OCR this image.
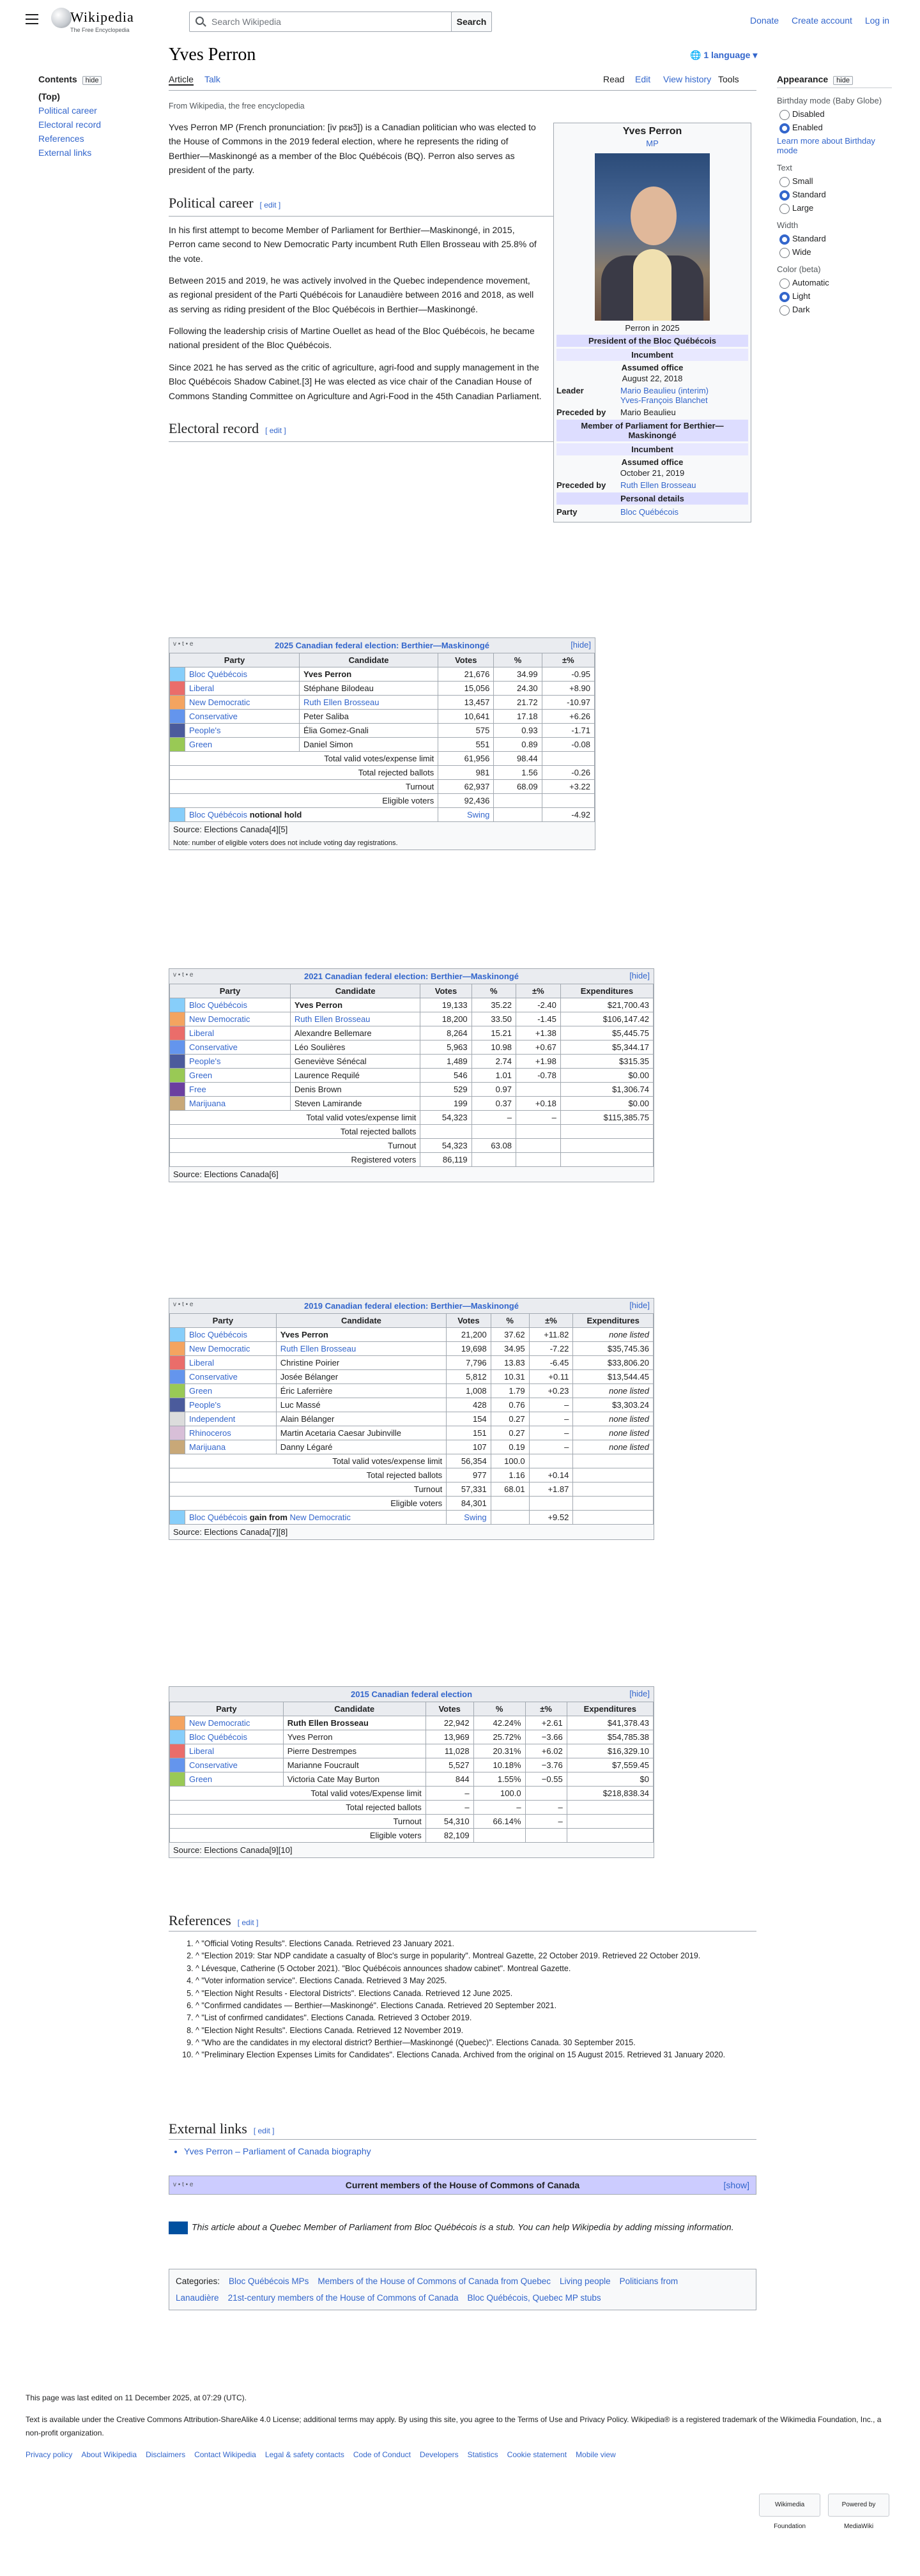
Wikipedia
The Free Encyclopedia
Search Wikipedia	Search	Donate Create account Log in
Contents hide
(Top)
Political career
Electoral record
References
External links
Yves Perron	🌐 1 language ▾
Article Talk	Read Edit View history Tools	Appearance hide
Birthday mode (Baby Globe)
Disabled
Enabled
Learn more about Birthday mode
Text
Small
Standard
Large
Width
Standard
Wide
Color (beta)
Automatic
Light
Dark

From Wikipedia, the free encyclopedia

Yves Perron MP (French pronunciation: [iv pɛʁɔ̃]) is a Canadian politician who was elected to the House of Commons in the 2019 federal election, where he represents the riding of Berthier—Maskinongé as a member of the Bloc Québécois (BQ). Perron also serves as president of the party.

Political career [ edit ]

In his first attempt to become Member of Parliament for Berthier—Maskinongé, in 2015, Perron came second to New Democratic Party incumbent Ruth Ellen Brosseau with 25.8% of the vote.

Between 2015 and 2019, he was actively involved in the Quebec independence movement, as regional president of the Parti Québécois for Lanaudière between 2016 and 2018, as well as serving as riding president of the Bloc Québécois in Berthier—Maskinongé.

Following the leadership crisis of Martine Ouellet as head of the Bloc Québécois, he became national president of the Bloc Québécois.

Since 2021 he has served as the critic of agriculture, agri-food and supply management in the Bloc Québécois Shadow Cabinet.[3] He was elected as vice chair of the Canadian House of Commons Standing Committee on Agriculture and Agri-Food in the 45th Canadian Parliament.

Electoral record [ edit ]
Yves Perron
MP
Perron in 2025
President of the Bloc Québécois
Incumbent
Assumed office
August 22, 2018
Leader	Mario Beaulieu (interim)
Yves-François Blanchet
Preceded by	Mario Beaulieu
Member of Parliament for Berthier—Maskinongé
Incumbent
Assumed office
October 21, 2019
Preceded by	Ruth Ellen Brosseau
Personal details
Party	Bloc Québécois
v • t • e	2025 Canadian federal election: Berthier—Maskinongé	[hide]
Party		Candidate	Votes	%	±%
	Bloc Québécois	Yves Perron	21,676	34.99	-0.95
	Liberal	Stéphane Bilodeau	15,056	24.30	+8.90
	New Democratic	Ruth Ellen Brosseau	13,457	21.72	-10.97
	Conservative	Peter Saliba	10,641	17.18	+6.26
	People's	Élia Gomez-Gnali	575	0.93	-1.71
	Green	Daniel Simon	551	0.89	-0.08
Total valid votes/expense limit			61,956	98.44	
Total rejected ballots			981	1.56	-0.26
Turnout			62,937	68.09	+3.22
Eligible voters			92,436		
	Bloc Québécois notional hold		Swing		-4.92
Source: Elections Canada[4][5]
Note: number of eligible voters does not include voting day registrations.
v • t • e	2021 Canadian federal election: Berthier—Maskinongé	[hide]
Party		Candidate	Votes	%	±%	Expenditures
	Bloc Québécois	Yves Perron	19,133	35.22	-2.40	$21,700.43
	New Democratic	Ruth Ellen Brosseau	18,200	33.50	-1.45	$106,147.42
	Liberal	Alexandre Bellemare	8,264	15.21	+1.38	$5,445.75
	Conservative	Léo Soulières	5,963	10.98	+0.67	$5,344.17
	People's	Geneviève Sénécal	1,489	2.74	+1.98	$315.35
	Green	Laurence Requilé	546	1.01	-0.78	$0.00
	Free	Denis Brown	529	0.97		$1,306.74
	Marijuana	Steven Lamirande	199	0.37	+0.18	$0.00
Total valid votes/expense limit			54,323	–	–	$115,385.75
Total rejected ballots						
Turnout			54,323	63.08		
Registered voters			86,119			
Source: Elections Canada[6]
v • t • e	2019 Canadian federal election: Berthier—Maskinongé	[hide]
Party		Candidate	Votes	%	±%	Expenditures
	Bloc Québécois	Yves Perron	21,200	37.62	+11.82	none listed
	New Democratic	Ruth Ellen Brosseau	19,698	34.95	-7.22	$35,745.36
	Liberal	Christine Poirier	7,796	13.83	-6.45	$33,806.20
	Conservative	Josée Bélanger	5,812	10.31	+0.11	$13,544.45
	Green	Éric Laferrière	1,008	1.79	+0.23	none listed
	People's	Luc Massé	428	0.76	–	$3,303.24
	Independent	Alain Bélanger	154	0.27	–	none listed
	Rhinoceros	Martin Acetaria Caesar Jubinville	151	0.27	–	none listed
	Marijuana	Danny Légaré	107	0.19	–	none listed
Total valid votes/expense limit			56,354	100.0		
Total rejected ballots			977	1.16	+0.14	
Turnout			57,331	68.01	+1.87	
Eligible voters			84,301			
	Bloc Québécois gain from New Democratic		Swing		+9.52	
Source: Elections Canada[7][8]
2015 Canadian federal election	[hide]
Party		Candidate	Votes	%	±%	Expenditures
	New Democratic	Ruth Ellen Brosseau	22,942	42.24%	+2.61	$41,378.43
	Bloc Québécois	Yves Perron	13,969	25.72%	−3.66	$54,785.38
	Liberal	Pierre Destrempes	11,028	20.31%	+6.02	$16,329.10
	Conservative	Marianne Foucrault	5,527	10.18%	−3.76	$7,559.45
	Green	Victoria Cate May Burton	844	1.55%	−0.55	$0
Total valid votes/Expense limit			–	100.0		$218,838.34
Total rejected ballots			–	–	–	
Turnout			54,310	66.14%	–	
Eligible voters			82,109			
Source: Elections Canada[9][10]
References [ edit ]
1. ^ "Official Voting Results". Elections Canada. Retrieved 23 January 2021.
2. ^ "Election 2019: Star NDP candidate a casualty of Bloc's surge in popularity". Montreal Gazette, 22 October 2019. Retrieved 22 October 2019.
3. ^ Lévesque, Catherine (5 October 2021). "Bloc Québécois announces shadow cabinet". Montreal Gazette.
4. ^ "Voter information service". Elections Canada. Retrieved 3 May 2025.
5. ^ "Election Night Results - Electoral Districts". Elections Canada. Retrieved 12 June 2025.
6. ^ "Confirmed candidates — Berthier—Maskinongé". Elections Canada. Retrieved 20 September 2021.
7. ^ "List of confirmed candidates". Elections Canada. Retrieved 3 October 2019.
8. ^ "Election Night Results". Elections Canada. Retrieved 12 November 2019.
9. ^ "Who are the candidates in my electoral district? Berthier—Maskinongé (Quebec)". Elections Canada. 30 September 2015.
10. ^ "Preliminary Election Expenses Limits for Candidates". Elections Canada. Archived from the original on 15 August 2015. Retrieved 31 January 2020.
External links [ edit ]
• Yves Perron – Parliament of Canada biography
v • t • e	Current members of the House of Commons of Canada	[show]
This article about a Quebec Member of Parliament from Bloc Québécois is a stub. You can help Wikipedia by adding missing information.
Categories: Bloc Québécois MPs Members of the House of Commons of Canada from Quebec Living people Politicians from Lanaudière 21st-century members of the House of Commons of Canada Bloc Québécois, Quebec MP stubs
This page was last edited on 11 December 2025, at 07:29 (UTC).
Text is available under the Creative Commons Attribution-ShareAlike 4.0 License; additional terms may apply. By using this site, you agree to the Terms of Use and Privacy Policy. Wikipedia® is a registered trademark of the Wikimedia Foundation, Inc., a non-profit organization.
Privacy policy About Wikipedia Disclaimers Contact Wikipedia Legal & safety contacts Code of Conduct Developers Statistics Cookie statement Mobile view
Wikimedia Foundation Powered by MediaWiki
